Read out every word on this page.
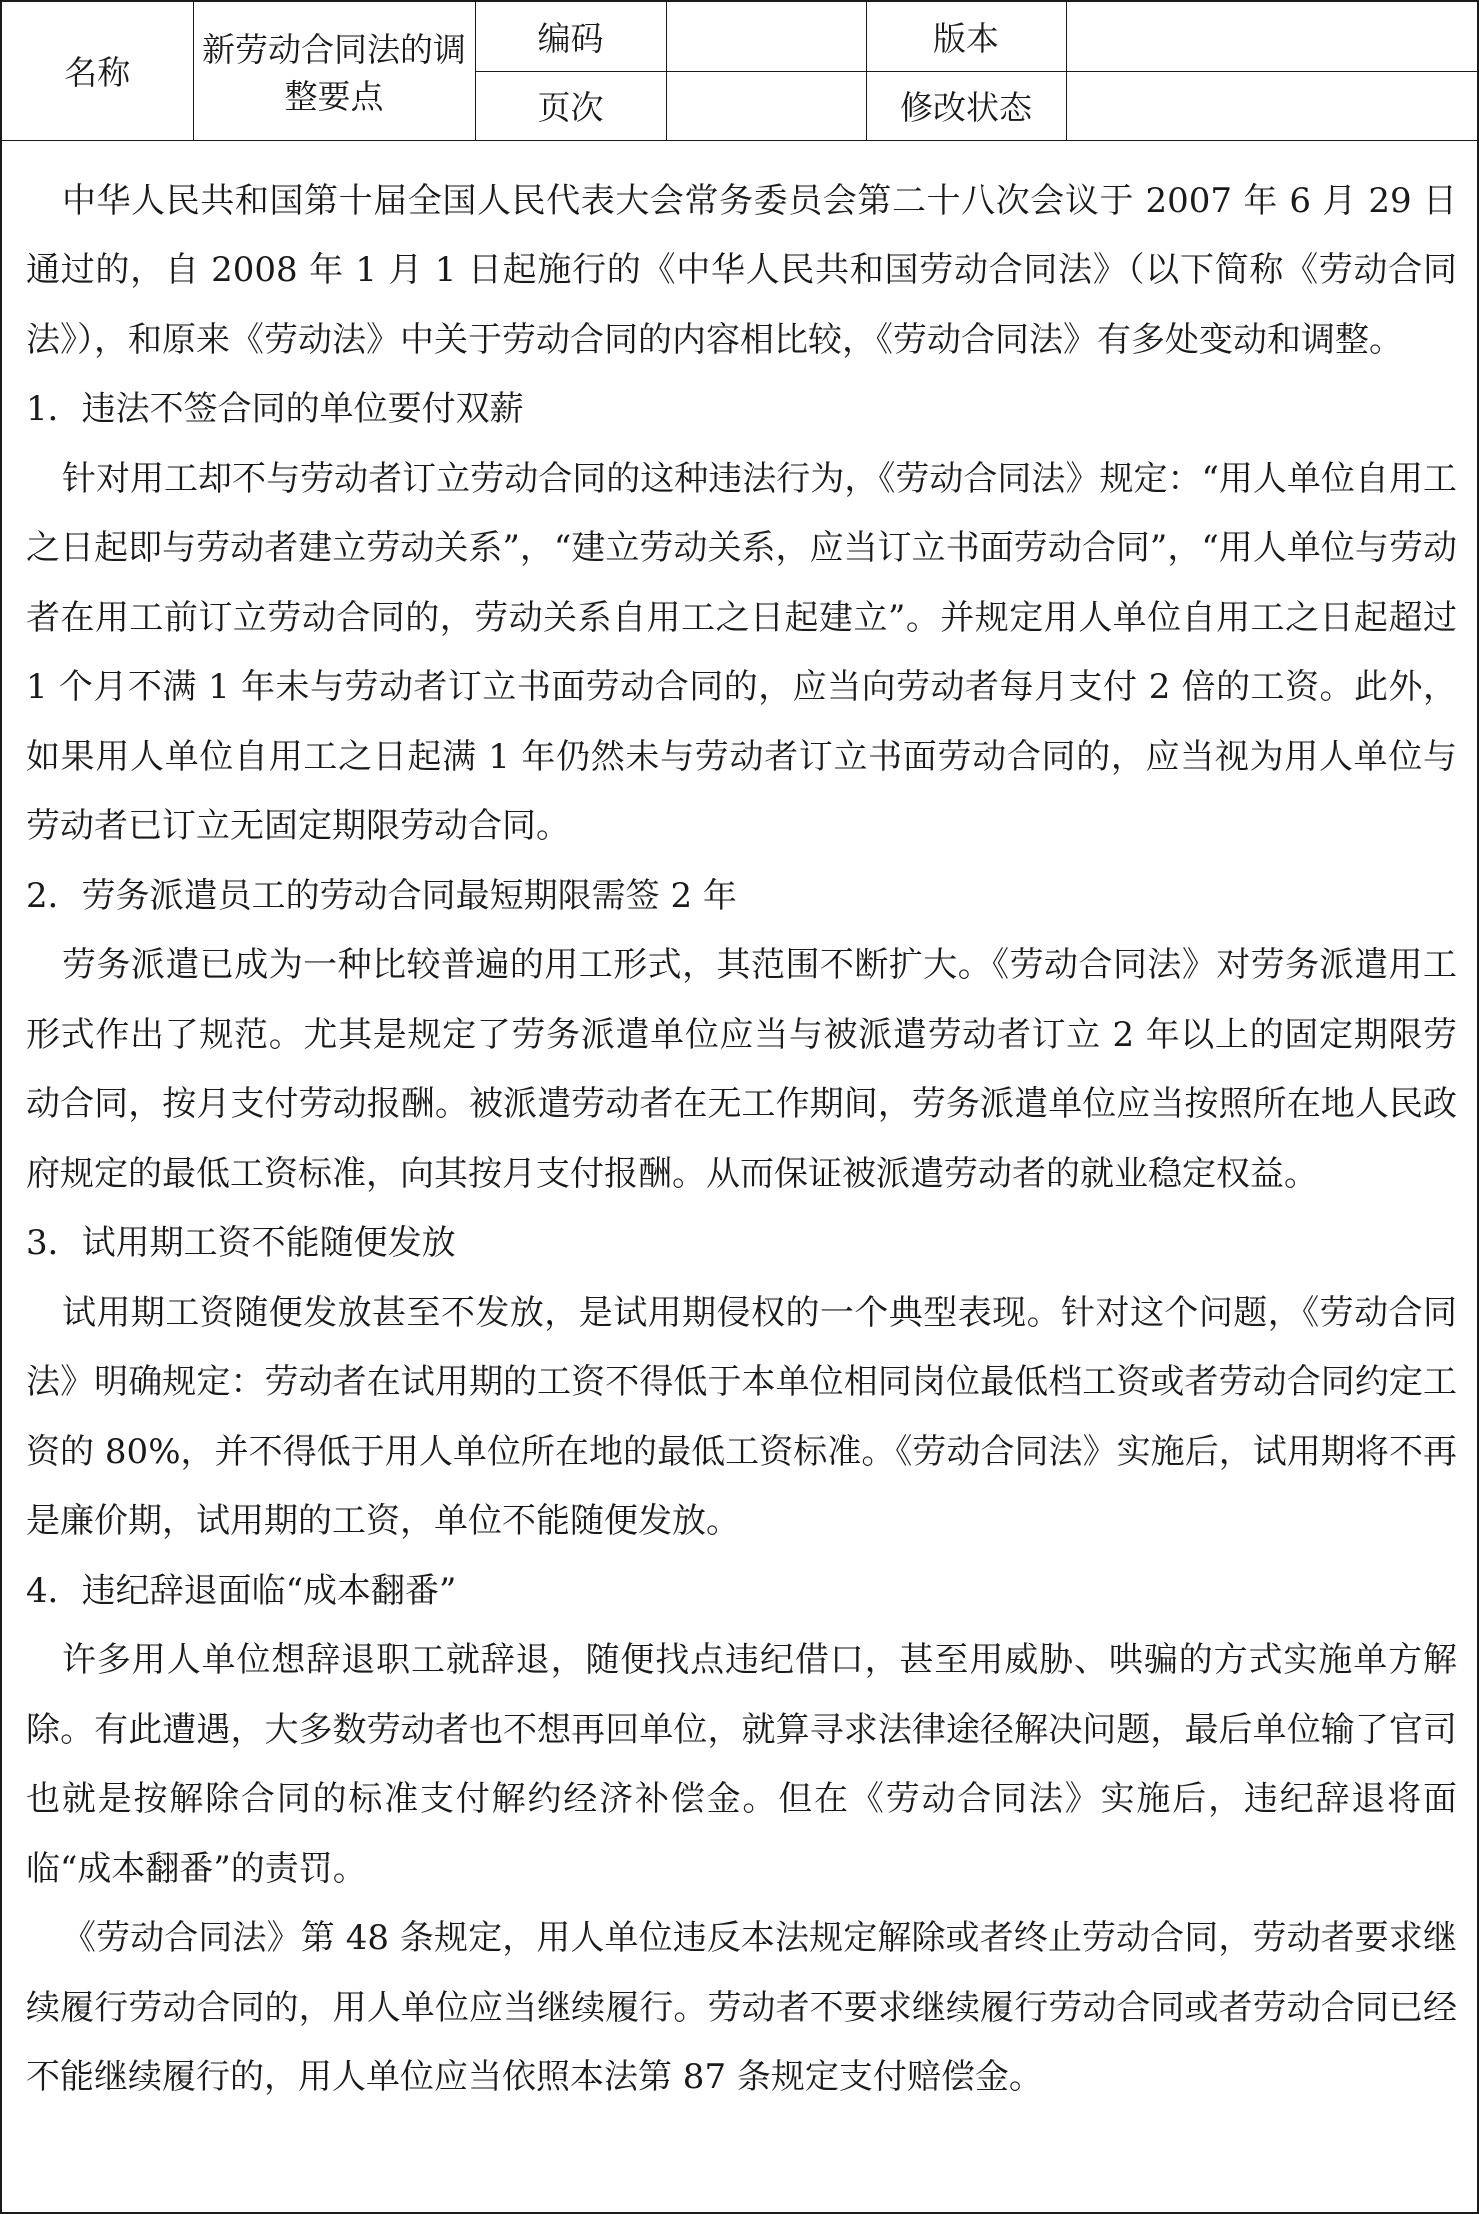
名称	新劳动合同法的调整要点	编码		版本	
		页次		修改状态	

中华人民共和国第十届全国人民代表大会常务委员会第二十八次会议于 2007 年 6 月 29 日通过的，自 2008 年 1 月 1 日起施行的《中华人民共和国劳动合同法》（以下简称《劳动合同法》），和原来《劳动法》中关于劳动合同的内容相比较，《劳动合同法》有多处变动和调整。

1．违法不签合同的单位要付双薪

针对用工却不与劳动者订立劳动合同的这种违法行为，《劳动合同法》规定：“用人单位自用工之日起即与劳动者建立劳动关系”，“建立劳动关系，应当订立书面劳动合同”，“用人单位与劳动者在用工前订立劳动合同的，劳动关系自用工之日起建立”。并规定用人单位自用工之日起超过 1 个月不满 1 年未与劳动者订立书面劳动合同的，应当向劳动者每月支付 2 倍的工资。此外，如果用人单位自用工之日起满 1 年仍然未与劳动者订立书面劳动合同的，应当视为用人单位与劳动者已订立无固定期限劳动合同。

2．劳务派遣员工的劳动合同最短期限需签 2 年

劳务派遣已成为一种比较普遍的用工形式，其范围不断扩大。《劳动合同法》对劳务派遣用工形式作出了规范。尤其是规定了劳务派遣单位应当与被派遣劳动者订立 2 年以上的固定期限劳动合同，按月支付劳动报酬。被派遣劳动者在无工作期间，劳务派遣单位应当按照所在地人民政府规定的最低工资标准，向其按月支付报酬。从而保证被派遣劳动者的就业稳定权益。

3．试用期工资不能随便发放

试用期工资随便发放甚至不发放，是试用期侵权的一个典型表现。针对这个问题，《劳动合同法》明确规定：劳动者在试用期的工资不得低于本单位相同岗位最低档工资或者劳动合同约定工资的 80%，并不得低于用人单位所在地的最低工资标准。《劳动合同法》实施后，试用期将不再是廉价期，试用期的工资，单位不能随便发放。

4．违纪辞退面临“成本翻番”

许多用人单位想辞退职工就辞退，随便找点违纪借口，甚至用威胁、哄骗的方式实施单方解除。有此遭遇，大多数劳动者也不想再回单位，就算寻求法律途径解决问题，最后单位输了官司也就是按解除合同的标准支付解约经济补偿金。但在《劳动合同法》实施后，违纪辞退将面临“成本翻番”的责罚。

《劳动合同法》第 48 条规定，用人单位违反本法规定解除或者终止劳动合同，劳动者要求继续履行劳动合同的，用人单位应当继续履行。劳动者不要求继续履行劳动合同或者劳动合同已经不能继续履行的，用人单位应当依照本法第 87 条规定支付赔偿金。
